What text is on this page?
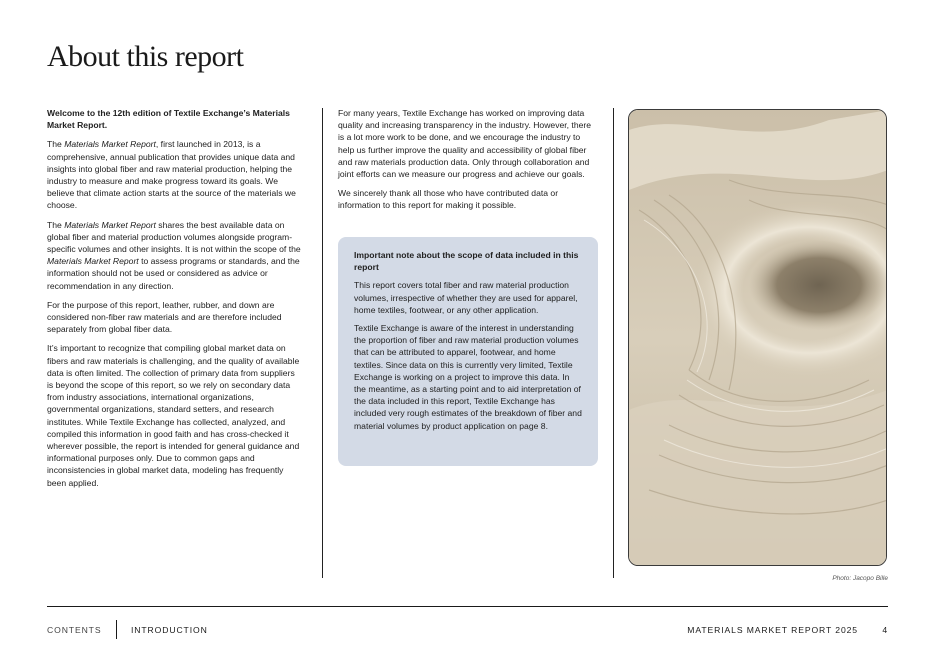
About this report

Welcome to the 12th edition of Textile Exchange’s Materials Market Report.

The Materials Market Report, first launched in 2013, is a comprehensive, annual publication that provides unique data and insights into global fiber and raw material production, helping the industry to measure and make progress toward its goals. We believe that climate action starts at the source of the materials we choose.

The Materials Market Report shares the best available data on global fiber and material production volumes alongside program-specific volumes and other insights. It is not within the scope of the Materials Market Report to assess programs or standards, and the information should not be used or considered as advice or recommendation in any direction.

For the purpose of this report, leather, rubber, and down are considered non-fiber raw materials and are therefore included separately from global fiber data.

It’s important to recognize that compiling global market data on fibers and raw materials is challenging, and the quality of available data is often limited. The collection of primary data from suppliers is beyond the scope of this report, so we rely on secondary data from industry associations, international organizations, governmental organizations, standard setters, and research institutes. While Textile Exchange has collected, analyzed, and compiled this information in good faith and has cross-checked it wherever possible, the report is intended for general guidance and informational purposes only. Due to common gaps and inconsistencies in global market data, modeling has frequently been applied.

For many years, Textile Exchange has worked on improving data quality and increasing transparency in the industry. However, there is a lot more work to be done, and we encourage the industry to help us further improve the quality and accessibility of global fiber and raw materials production data. Only through collaboration and joint efforts can we measure our progress and achieve our goals.

We sincerely thank all those who have contributed data or information to this report for making it possible.

Important note about the scope of data included in this report

This report covers total fiber and raw material production volumes, irrespective of whether they are used for apparel, home textiles, footwear, or any other application.

Textile Exchange is aware of the interest in understanding the proportion of fiber and raw material production volumes that can be attributed to apparel, footwear, and home textiles. Since data on this is currently very limited, Textile Exchange is working on a project to improve this data. In the meantime, as a starting point and to aid interpretation of the data included in this report, Textile Exchange has included very rough estimates of the breakdown of fiber and material volumes by product application on page 8.

Photo: Jacopo Bille
CONTENTS	INTRODUCTION	MATERIALS MARKET REPORT 2025	4
